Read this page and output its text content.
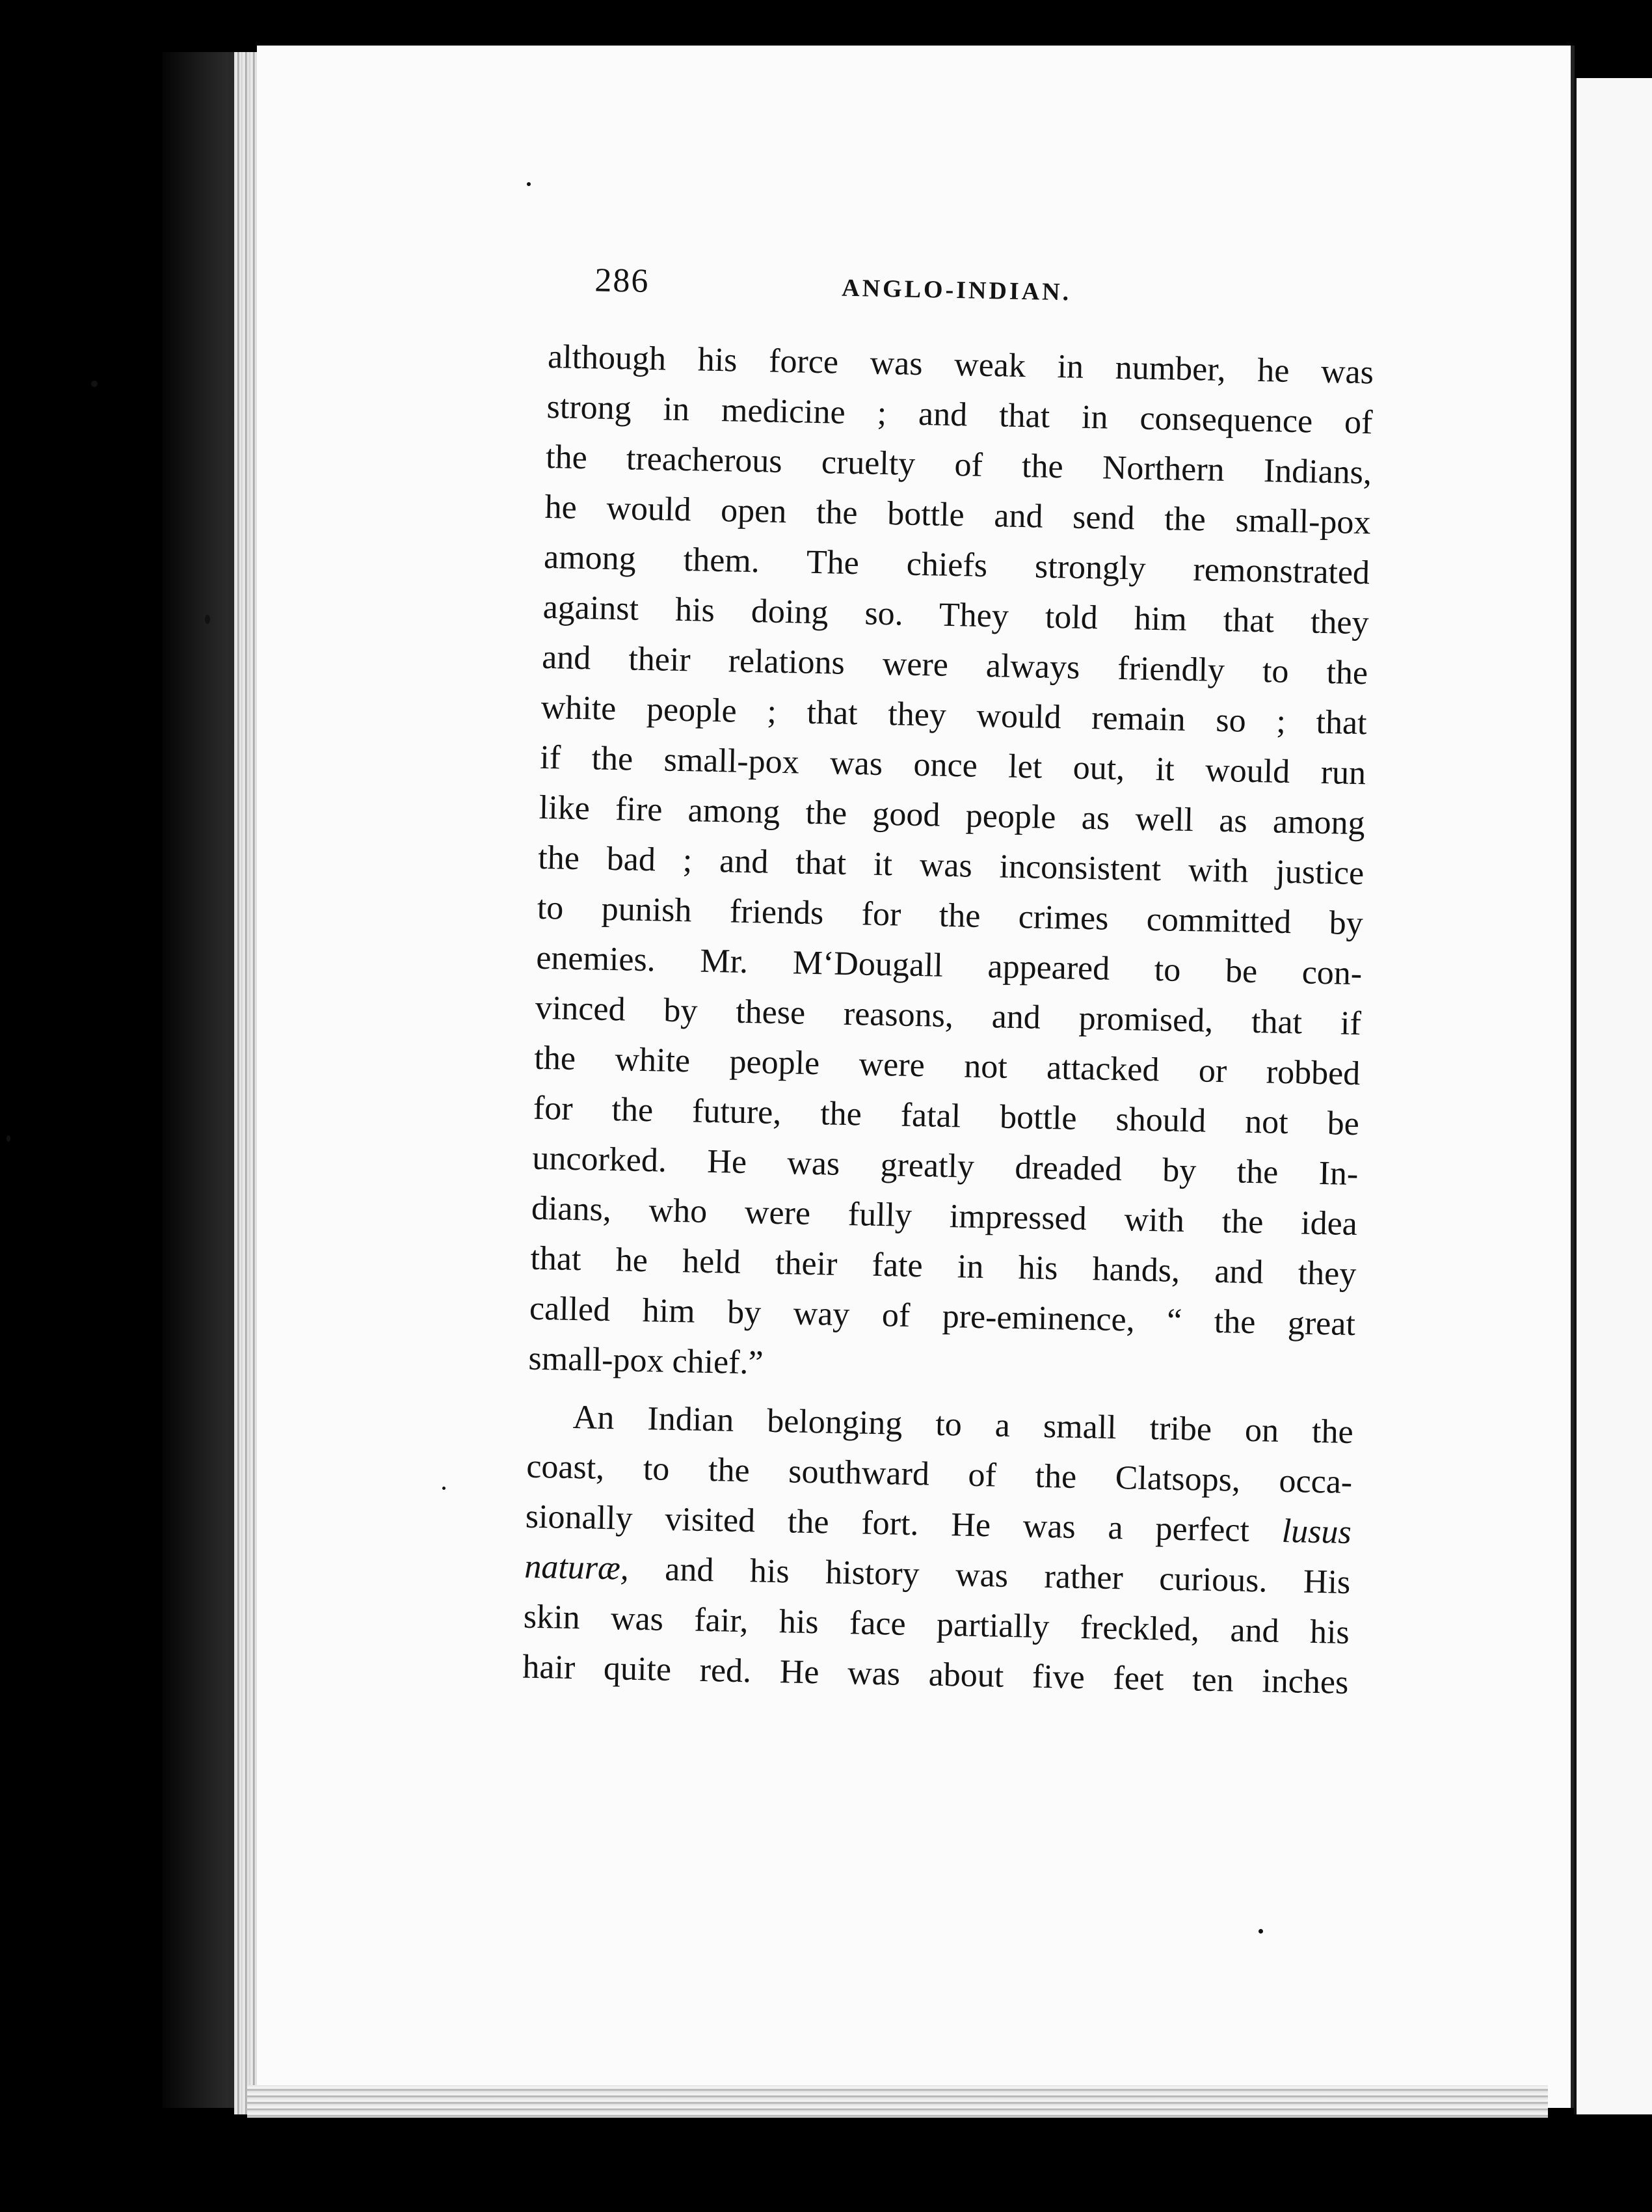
286	ANGLO-INDIAN.
although his force was weak in number, he was
strong in medicine ; and that in consequence of
the treacherous cruelty of the Northern Indians,
he would open the bottle and send the small-pox
among them. The chiefs strongly remonstrated
against his doing so. They told him that they
and their relations were always friendly to the
white people ; that they would remain so ; that
if the small-pox was once let out, it would run
like fire among the good people as well as among
the bad ; and that it was inconsistent with justice
to punish friends for the crimes committed by
enemies. Mr. M‘Dougall appeared to be con-
vinced by these reasons, and promised, that if
the white people were not attacked or robbed
for the future, the fatal bottle should not be
uncorked. He was greatly dreaded by the In-
dians, who were fully impressed with the idea
that he held their fate in his hands, and they
called him by way of pre-eminence, “ the great
small-pox chief.”
An Indian belonging to a small tribe on the
coast, to the southward of the Clatsops, occa-
sionally visited the fort. He was a perfect lusus
naturæ, and his history was rather curious. His
skin was fair, his face partially freckled, and his
hair quite red. He was about five feet ten inches
